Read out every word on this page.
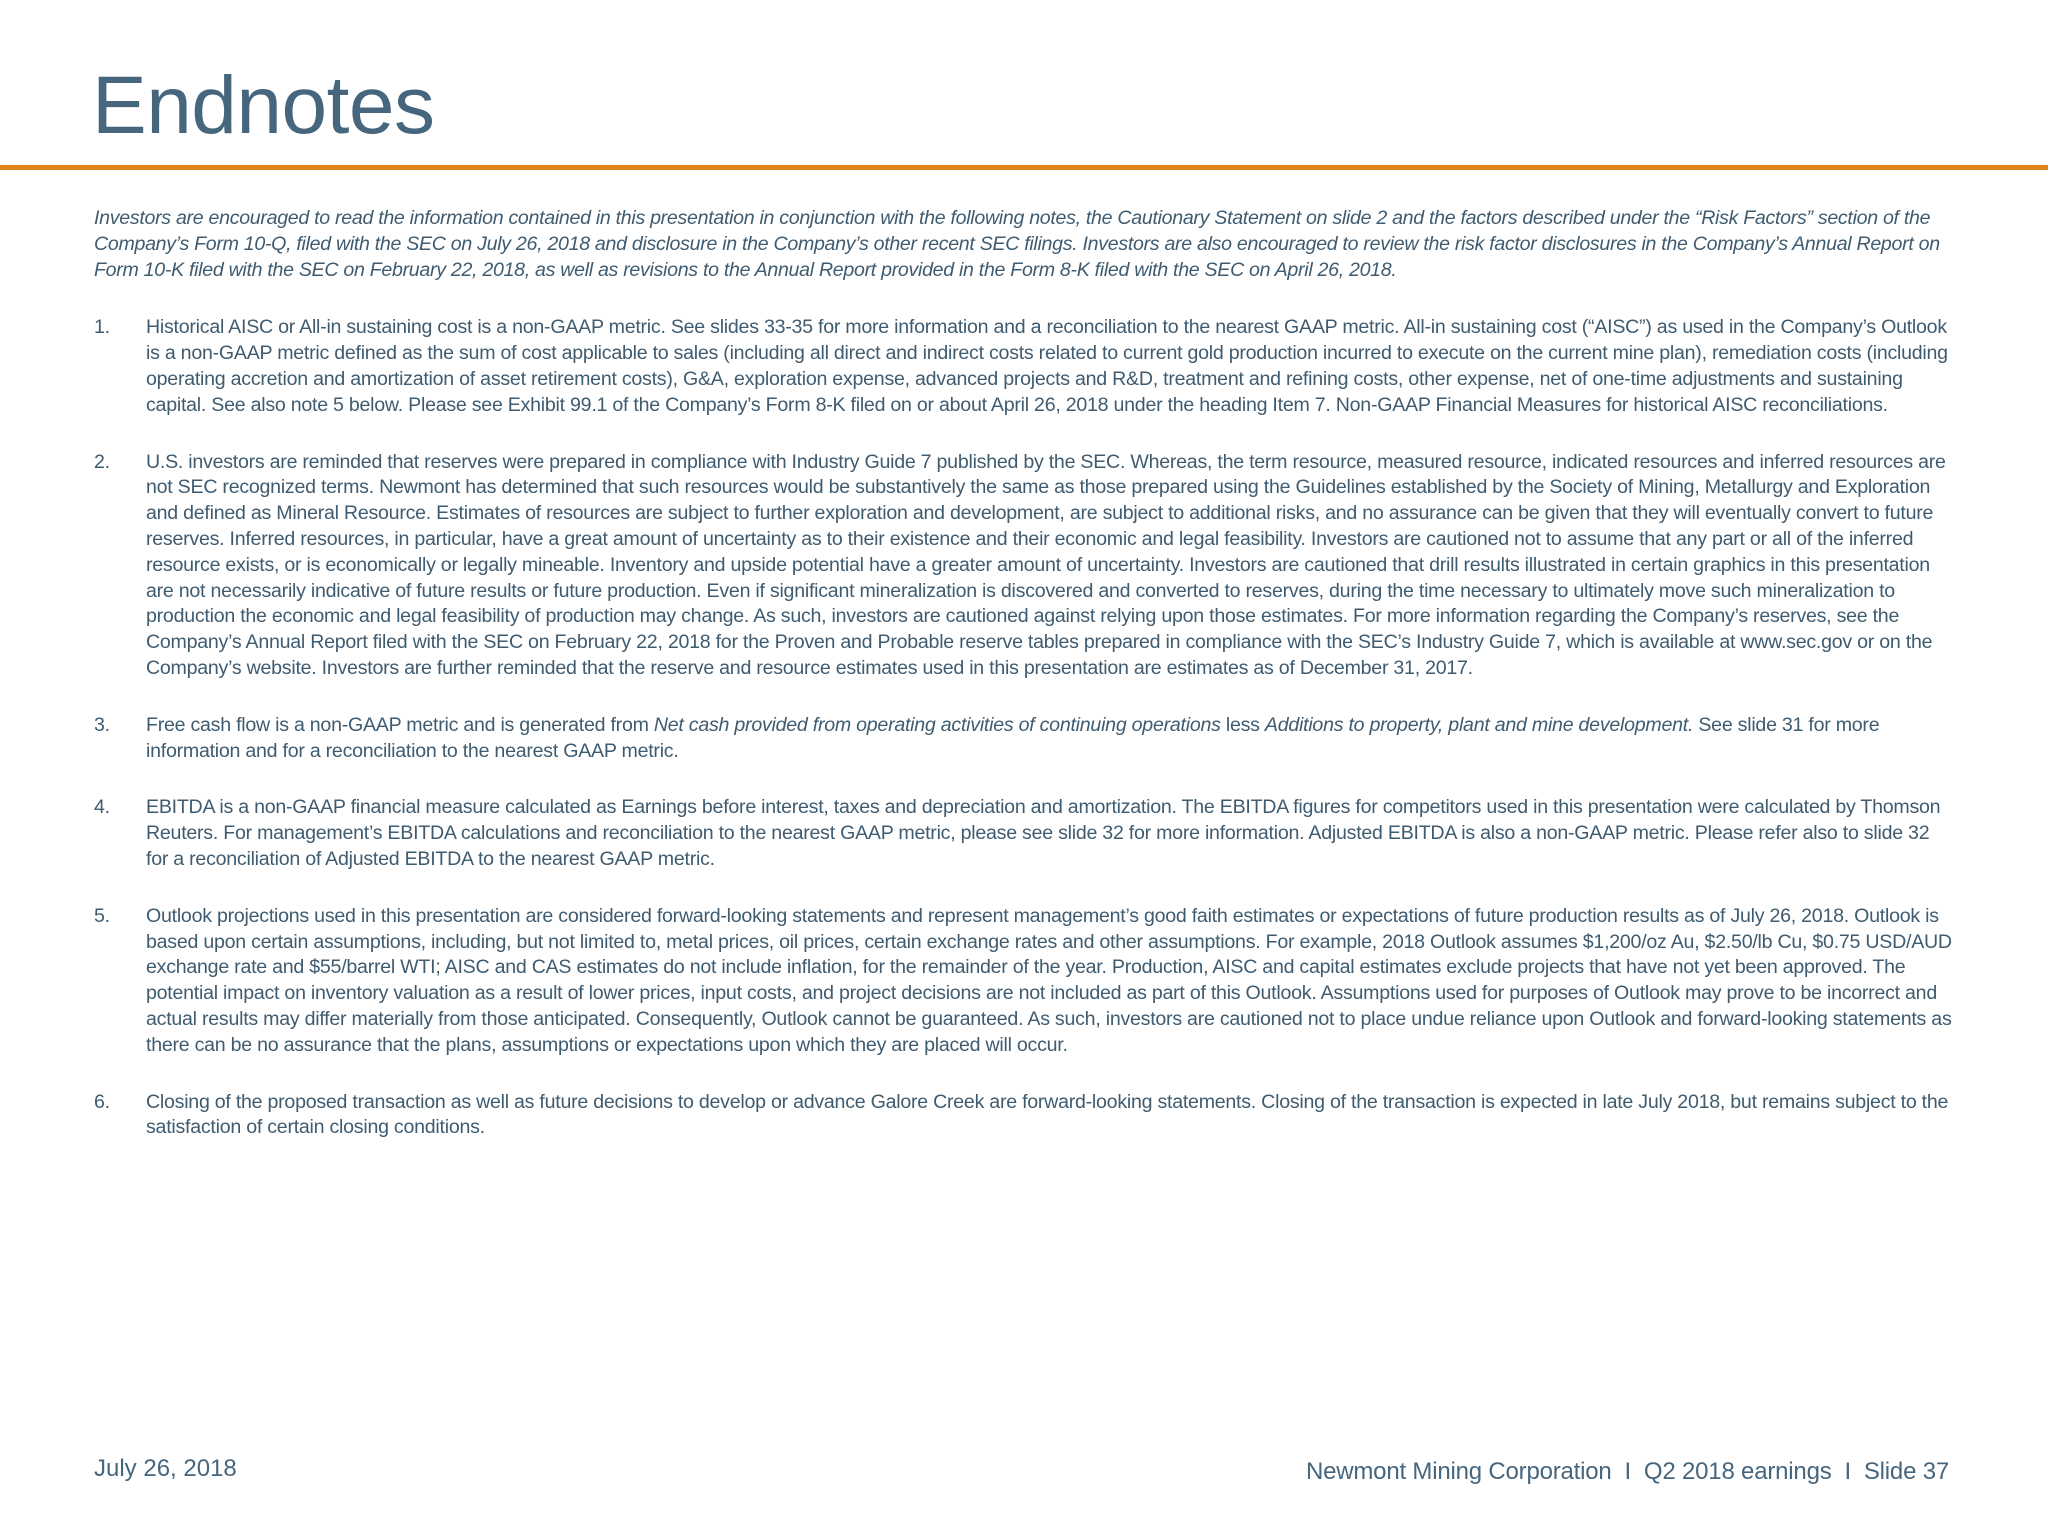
Endnotes

Investors are encouraged to read the information contained in this presentation in conjunction with the following notes, the Cautionary Statement on slide 2 and the factors described under the “Risk Factors” section of the Company’s Form 10-Q, filed with the SEC on July 26, 2018 and disclosure in the Company’s other recent SEC filings. Investors are also encouraged to review the risk factor disclosures in the Company’s Annual Report on Form 10-K filed with the SEC on February 22, 2018, as well as revisions to the Annual Report provided in the Form 8-K filed with the SEC on April 26, 2018.

1.	Historical AISC or All-in sustaining cost is a non-GAAP metric. See slides 33-35 for more information and a reconciliation to the nearest GAAP metric. All-in sustaining cost (“AISC”) as used in the Company’s Outlook is a non-GAAP metric defined as the sum of cost applicable to sales (including all direct and indirect costs related to current gold production incurred to execute on the current mine plan), remediation costs (including operating accretion and amortization of asset retirement costs), G&A, exploration expense, advanced projects and R&D, treatment and refining costs, other expense, net of one-time adjustments and sustaining capital. See also note 5 below. Please see Exhibit 99.1 of the Company’s Form 8-K filed on or about April 26, 2018 under the heading Item 7. Non-GAAP Financial Measures for historical AISC reconciliations.
2.	U.S. investors are reminded that reserves were prepared in compliance with Industry Guide 7 published by the SEC. Whereas, the term resource, measured resource, indicated resources and inferred resources are not SEC recognized terms. Newmont has determined that such resources would be substantively the same as those prepared using the Guidelines established by the Society of Mining, Metallurgy and Exploration and defined as Mineral Resource. Estimates of resources are subject to further exploration and development, are subject to additional risks, and no assurance can be given that they will eventually convert to future reserves. Inferred resources, in particular, have a great amount of uncertainty as to their existence and their economic and legal feasibility. Investors are cautioned not to assume that any part or all of the inferred resource exists, or is economically or legally mineable. Inventory and upside potential have a greater amount of uncertainty. Investors are cautioned that drill results illustrated in certain graphics in this presentation are not necessarily indicative of future results or future production. Even if significant mineralization is discovered and converted to reserves, during the time necessary to ultimately move such mineralization to production the economic and legal feasibility of production may change. As such, investors are cautioned against relying upon those estimates. For more information regarding the Company’s reserves, see the Company’s Annual Report filed with the SEC on February 22, 2018 for the Proven and Probable reserve tables prepared in compliance with the SEC’s Industry Guide 7, which is available at www.sec.gov or on the Company’s website. Investors are further reminded that the reserve and resource estimates used in this presentation are estimates as of December 31, 2017.
3.	Free cash flow is a non-GAAP metric and is generated from Net cash provided from operating activities of continuing operations less Additions to property, plant and mine development. See slide 31 for more information and for a reconciliation to the nearest GAAP metric.
4.	EBITDA is a non-GAAP financial measure calculated as Earnings before interest, taxes and depreciation and amortization. The EBITDA figures for competitors used in this presentation were calculated by Thomson Reuters. For management’s EBITDA calculations and reconciliation to the nearest GAAP metric, please see slide 32 for more information. Adjusted EBITDA is also a non-GAAP metric. Please refer also to slide 32 for a reconciliation of Adjusted EBITDA to the nearest GAAP metric.
5.	Outlook projections used in this presentation are considered forward-looking statements and represent management’s good faith estimates or expectations of future production results as of July 26, 2018. Outlook is based upon certain assumptions, including, but not limited to, metal prices, oil prices, certain exchange rates and other assumptions. For example, 2018 Outlook assumes $1,200/oz Au, $2.50/lb Cu, $0.75 USD/AUD exchange rate and $55/barrel WTI; AISC and CAS estimates do not include inflation, for the remainder of the year. Production, AISC and capital estimates exclude projects that have not yet been approved. The potential impact on inventory valuation as a result of lower prices, input costs, and project decisions are not included as part of this Outlook. Assumptions used for purposes of Outlook may prove to be incorrect and actual results may differ materially from those anticipated. Consequently, Outlook cannot be guaranteed. As such, investors are cautioned not to place undue reliance upon Outlook and forward-looking statements as there can be no assurance that the plans, assumptions or expectations upon which they are placed will occur.
6.	Closing of the proposed transaction as well as future decisions to develop or advance Galore Creek are forward-looking statements. Closing of the transaction is expected in late July 2018, but remains subject to the satisfaction of certain closing conditions.
July 26, 2018	Newmont Mining Corporation  I  Q2 2018 earnings  I  Slide 37
